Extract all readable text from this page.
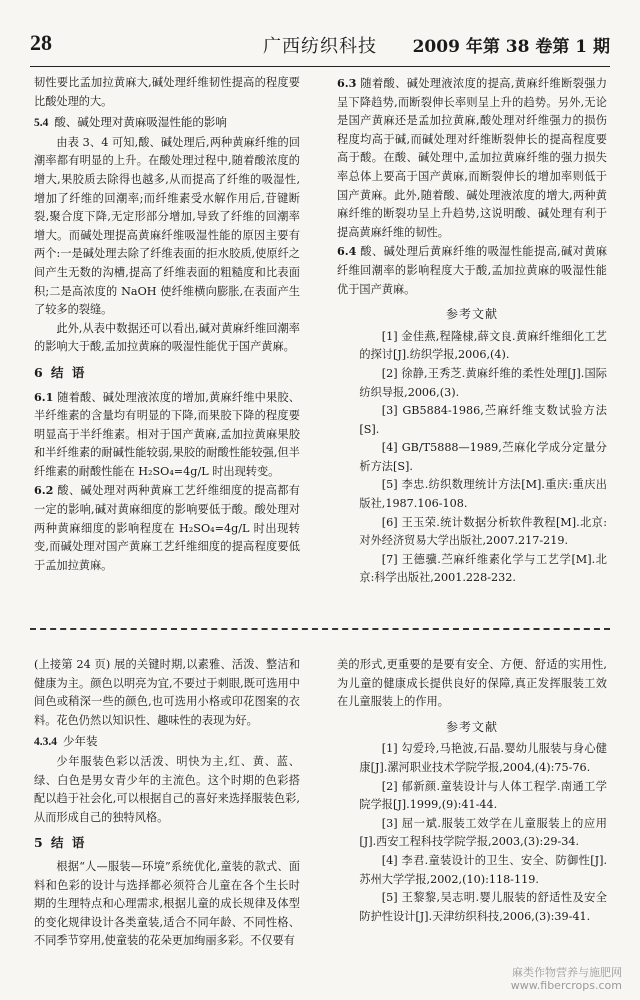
28	广西纺织科技	2009 年第 38 卷第 1 期

韧性要比孟加拉黄麻大,碱处理纤维韧性提高的程度要比酸处理的大。

5.4 酸、碱处理对黄麻吸湿性能的影响

由表 3、4 可知,酸、碱处理后,两种黄麻纤维的回潮率都有明显的上升。在酸处理过程中,随着酸浓度的增大,果胶质去除得也越多,从而提高了纤维的吸湿性,增加了纤维的回潮率;而纤维素受水解作用后,苷键断裂,聚合度下降,无定形部分增加,导致了纤维的回潮率增大。而碱处理提高黄麻纤维吸湿性能的原因主要有两个:一是碱处理去除了纤维表面的拒水胶质,使原纤之间产生无数的沟槽,提高了纤维表面的粗糙度和比表面积;二是高浓度的 NaOH 使纤维横向膨胀,在表面产生了较多的裂缝。

此外,从表中数据还可以看出,碱对黄麻纤维回潮率的影响大于酸,孟加拉黄麻的吸湿性能优于国产黄麻。

6 结 语

6.1 随着酸、碱处理液浓度的增加,黄麻纤维中果胶、半纤维素的含量均有明显的下降,而果胶下降的程度要明显高于半纤维素。相对于国产黄麻,孟加拉黄麻果胶和半纤维素的耐碱性能较弱,果胶的耐酸性能较强,但半纤维素的耐酸性能在 H₂SO₄=4g/L 时出现转变。

6.2 酸、碱处理对两种黄麻工艺纤维细度的提高都有一定的影响,碱对黄麻细度的影响要低于酸。酸处理对两种黄麻细度的影响程度在 H₂SO₄=4g/L 时出现转变,而碱处理对国产黄麻工艺纤维细度的提高程度要低于孟加拉黄麻。

6.3 随着酸、碱处理液浓度的提高,黄麻纤维断裂强力呈下降趋势,而断裂伸长率则呈上升的趋势。另外,无论是国产黄麻还是孟加拉黄麻,酸处理对纤维强力的损伤程度均高于碱,而碱处理对纤维断裂伸长的提高程度要高于酸。在酸、碱处理中,孟加拉黄麻纤维的强力损失率总体上要高于国产黄麻,而断裂伸长的增加率则低于国产黄麻。此外,随着酸、碱处理液浓度的增大,两种黄麻纤维的断裂功呈上升趋势,这说明酸、碱处理有利于提高黄麻纤维的韧性。

6.4 酸、碱处理后黄麻纤维的吸湿性能提高,碱对黄麻纤维回潮率的影响程度大于酸,孟加拉黄麻的吸湿性能优于国产黄麻。

参考文献

[1] 金佳燕,程隆棣,薛文良.黄麻纤维细化工艺的探讨[J].纺织学报,2006,(4).

[2] 徐静,王秀芝.黄麻纤维的柔性处理[J].国际纺织导报,2006,(3).

[3] GB5884-1986,苎麻纤维支数试验方法[S].

[4] GB/T5888—1989,苎麻化学成分定量分析方法[S].

[5] 李忠.纺织数理统计方法[M].重庆:重庆出版社,1987.106-108.

[6] 王玉荣.统计数据分析软件教程[M].北京:对外经济贸易大学出版社,2007.217-219.

[7] 王德骥.苎麻纤维素化学与工艺学[M].北京:科学出版社,2001.228-232.

(上接第 24 页) 展的关键时期,以素雅、活泼、整洁和健康为主。颜色以明亮为宜,不要过于刺眼,既可选用中间色或稍深一些的颜色,也可选用小格或印花图案的衣料。花色仍然以知识性、趣味性的表现为好。

4.3.4 少年装

少年服装色彩以活泼、明快为主,红、黄、蓝、绿、白色是男女青少年的主流色。这个时期的色彩搭配以趋于社会化,可以根据自己的喜好来选择服装色彩,从而形成自己的独特风格。

5 结 语

根据“人—服装—环境”系统优化,童装的款式、面料和色彩的设计与选择都必须符合儿童在各个生长时期的生理特点和心理需求,根据儿童的成长规律及体型的变化规律设计各类童装,适合不同年龄、不同性格、不同季节穿用,使童装的花朵更加绚丽多彩。不仅要有

美的形式,更重要的是要有安全、方便、舒适的实用性,为儿童的健康成长提供良好的保障,真正发挥服装工效在儿童服装上的作用。

参考文献

[1] 勾爱玲,马艳波,石晶.婴幼儿服装与身心健康[J].漯河职业技术学院学报,2004,(4):75-76.

[2] 郁新颜.童装设计与人体工程学.南通工学院学报[J].1999,(9):41-44.

[3] 屈一斌.服装工效学在儿童服装上的应用[J].西安工程科技学院学报,2003,(3):29-34.

[4] 李君.童装设计的卫生、安全、防御性[J].苏州大学学报,2002,(10):118-119.

[5] 王黎黎,吴志明.婴儿服装的舒适性及安全防护性设计[J].天津纺织科技,2006,(3):39-41.

麻类作物营养与施肥网
www.fibercrops.com
